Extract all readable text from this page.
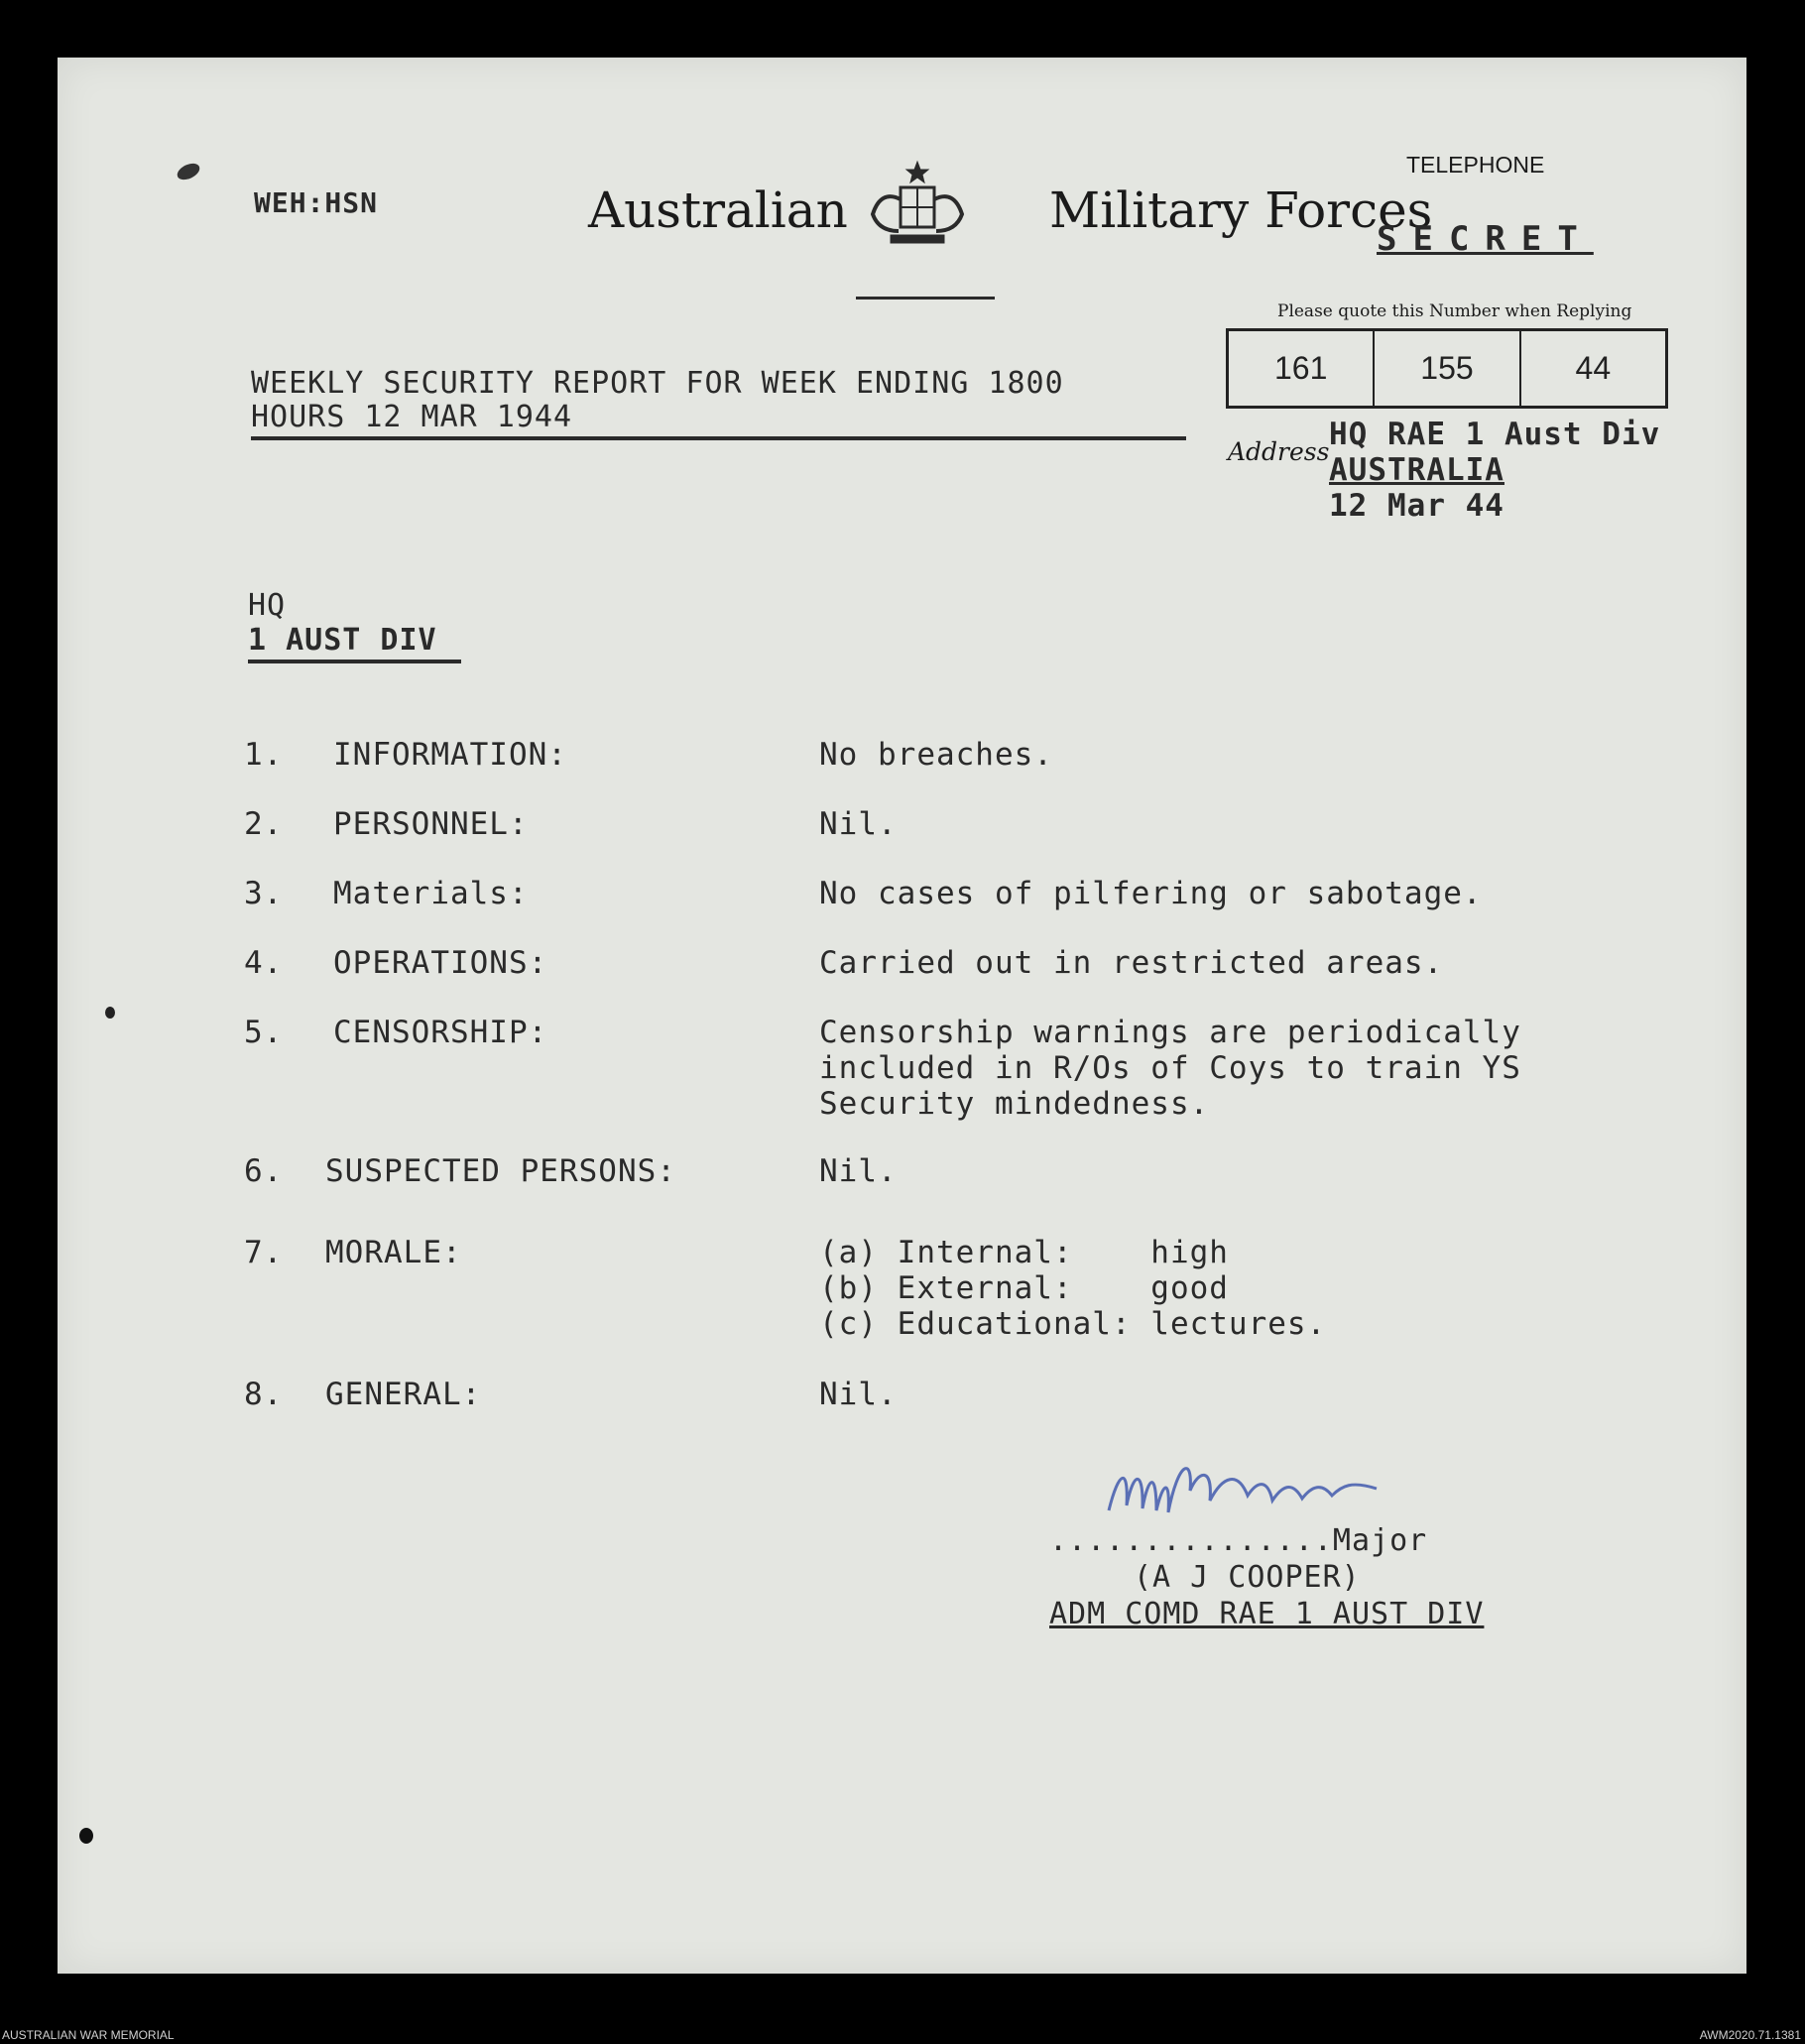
WEH:HSN	Australian	Military Forces
TELEPHONE
SECRET
Please quote this Number when Replying
161	155	44
Address HQ RAE 1 Aust Div
AUSTRALIA
12 Mar 44
WEEKLY SECURITY REPORT FOR WEEK ENDING 1800
HOURS 12 MAR 1944
HQ
1 AUST DIV
1. INFORMATION:	No breaches.
2. PERSONNEL:	Nil.
3. Materials:	No cases of pilfering or sabotage.
4. OPERATIONS:	Carried out in restricted areas.
5. CENSORSHIP:	Censorship warnings are periodically
included in R/Os of Coys to train YS
Security mindedness.
6. SUSPECTED PERSONS:	Nil.
7. MORALE:	(a) Internal:    high
(b) External:    good
(c) Educational: lectures.
8. GENERAL:	Nil.
...............Major
(A J COOPER)
ADM COMD RAE 1 AUST DIV
AUSTRALIAN WAR MEMORIAL	AWM2020.71.1381
